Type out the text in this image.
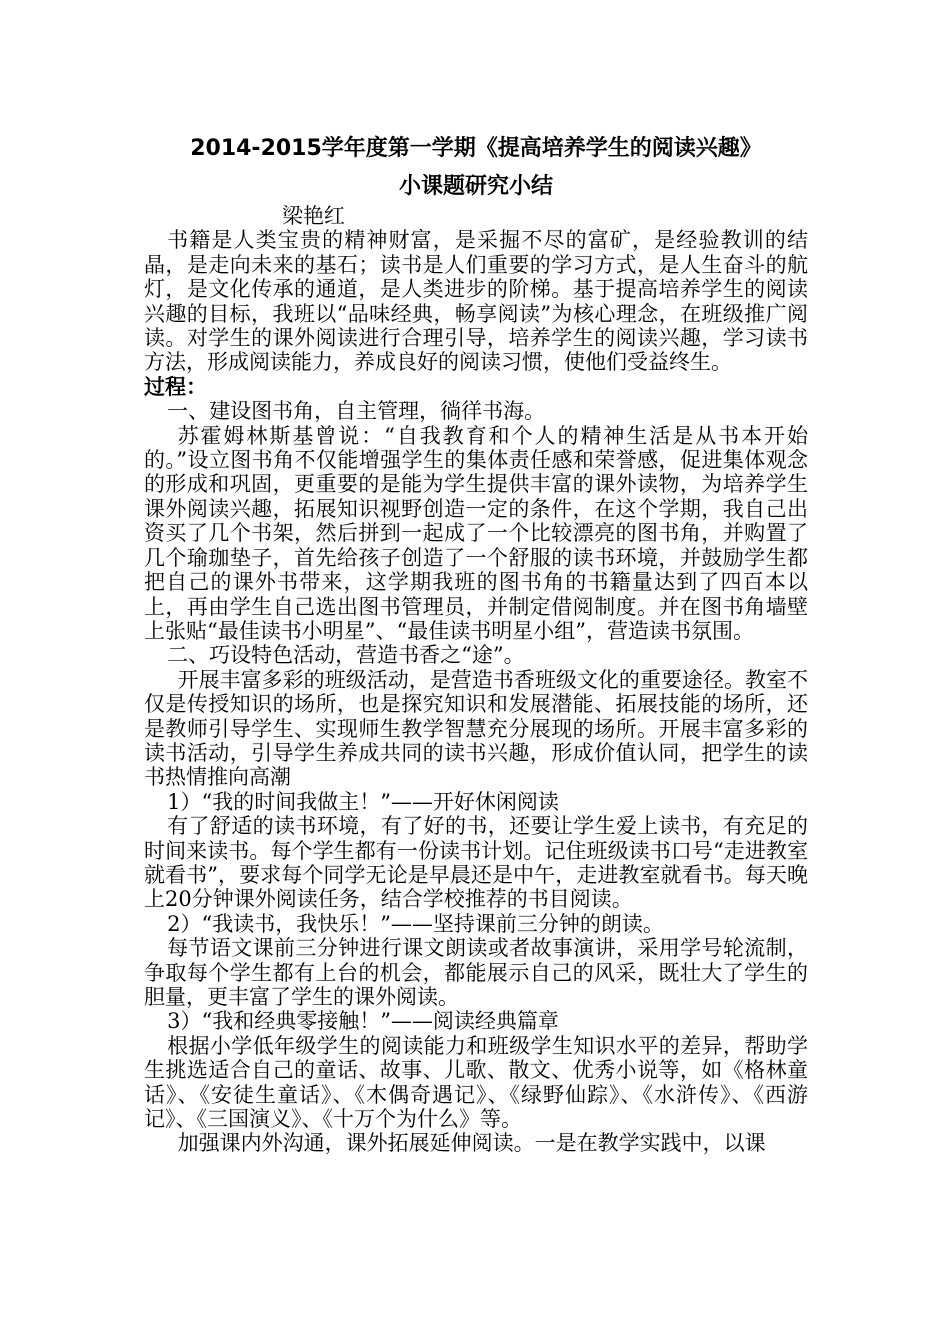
2014-2015学年度第一学期《提高培养学生的阅读兴趣》

小课题研究小结

梁艳红

书籍是人类宝贵的精神财富，是采掘不尽的富矿，是经验教训的结晶，是走向未来的基石；读书是人们重要的学习方式，是人生奋斗的航灯，是文化传承的通道，是人类进步的阶梯。基于提高培养学生的阅读兴趣的目标，我班以“品味经典，畅享阅读”为核心理念，在班级推广阅读。对学生的课外阅读进行合理引导，培养学生的阅读兴趣，学习读书方法，形成阅读能力，养成良好的阅读习惯，使他们受益终生。

过程：

一、建设图书角，自主管理，徜徉书海。

苏霍姆林斯基曾说：“自我教育和个人的精神生活是从书本开始的。”设立图书角不仅能增强学生的集体责任感和荣誉感，促进集体观念的形成和巩固，更重要的是能为学生提供丰富的课外读物，为培养学生课外阅读兴趣，拓展知识视野创造一定的条件，在这个学期，我自己出资买了几个书架，然后拼到一起成了一个比较漂亮的图书角，并购置了几个瑜珈垫子，首先给孩子创造了一个舒服的读书环境，并鼓励学生都把自己的课外书带来，这学期我班的图书角的书籍量达到了四百本以上，再由学生自己选出图书管理员，并制定借阅制度。并在图书角墙壁上张贴“最佳读书小明星”、“最佳读书明星小组”，营造读书氛围。

二、巧设特色活动，营造书香之“途”。

开展丰富多彩的班级活动，是营造书香班级文化的重要途径。教室不仅是传授知识的场所，也是探究知识和发展潜能、拓展技能的场所，还是教师引导学生、实现师生教学智慧充分展现的场所。开展丰富多彩的读书活动，引导学生养成共同的读书兴趣，形成价值认同，把学生的读书热情推向高潮

1）“我的时间我做主！”——开好休闲阅读

有了舒适的读书环境，有了好的书，还要让学生爱上读书，有充足的时间来读书。每个学生都有一份读书计划。记住班级读书口号“走进教室就看书”，要求每个同学无论是早晨还是中午，走进教室就看书。每天晚上20分钟课外阅读任务，结合学校推荐的书目阅读。

2）“我读书，我快乐！”——坚持课前三分钟的朗读。

每节语文课前三分钟进行课文朗读或者故事演讲，采用学号轮流制，争取每个学生都有上台的机会，都能展示自己的风采，既壮大了学生的胆量，更丰富了学生的课外阅读。

3）“我和经典零接触！”——阅读经典篇章

根据小学低年级学生的阅读能力和班级学生知识水平的差异，帮助学生挑选适合自己的童话、故事、儿歌、散文、优秀小说等，如《格林童话》、《安徒生童话》、《木偶奇遇记》、《绿野仙踪》、《水浒传》、《西游记》、《三国演义》、《十万个为什么》等。

加强课内外沟通，课外拓展延伸阅读。一是在教学实践中，以课
